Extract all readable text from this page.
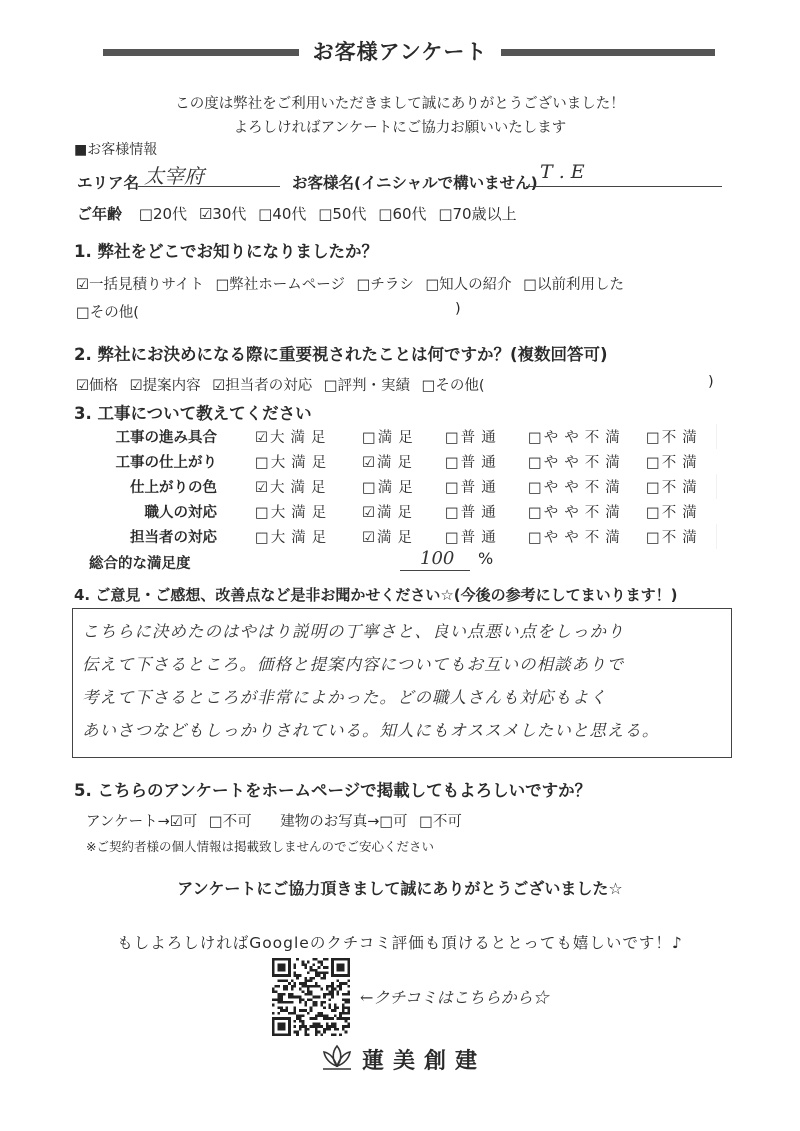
お客様アンケート
この度は弊社をご利用いただきまして誠にありがとうございました！
よろしければアンケートにご協力お願いいたします
■お客様情報
エリア名 太宰府	お客様名(イニシャルで構いません) T . E
ご年齢 □20代 ☑30代 □40代 □50代 □60代 □70歳以上
1. 弊社をどこでお知りになりましたか？
☑一括見積りサイト □弊社ホームページ □チラシ □知人の紹介 □以前利用した
□その他(	)
2. 弊社にお決めになる際に重要視されたことは何ですか？(複数回答可)
☑価格 ☑提案内容 ☑担当者の対応 □評判・実績 □その他(	)
3. 工事について教えてください
工事の進み具合	☑大満足	□満足	□普通	□やや不満	□不満
工事の仕上がり	□大満足	☑満足	□普通	□やや不満	□不満
仕上がりの色	☑大満足	□満足	□普通	□やや不満	□不満
職人の対応	□大満足	☑満足	□普通	□やや不満	□不満
担当者の対応	□大満足	☑満足	□普通	□やや不満	□不満
総合的な満足度	100 %
4. ご意見・ご感想、改善点など是非お聞かせください☆(今後の参考にしてまいります！)
こちらに決めたのはやはり説明の丁寧さと、良い点悪い点をしっかり
伝えて下さるところ。価格と提案内容についてもお互いの相談ありで
考えて下さるところが非常によかった。どの職人さんも対応もよく
あいさつなどもしっかりされている。知人にもオススメしたいと思える。
5. こちらのアンケートをホームページで掲載してもよろしいですか？
アンケート→☑可 □不可 建物のお写真→□可 □不可
※ご契約者様の個人情報は掲載致しませんのでご安心ください
アンケートにご協力頂きまして誠にありがとうございました☆
もしよろしければGoogleのクチコミ評価も頂けるととっても嬉しいです！♪
←クチコミはこちらから☆
蓮美創建
